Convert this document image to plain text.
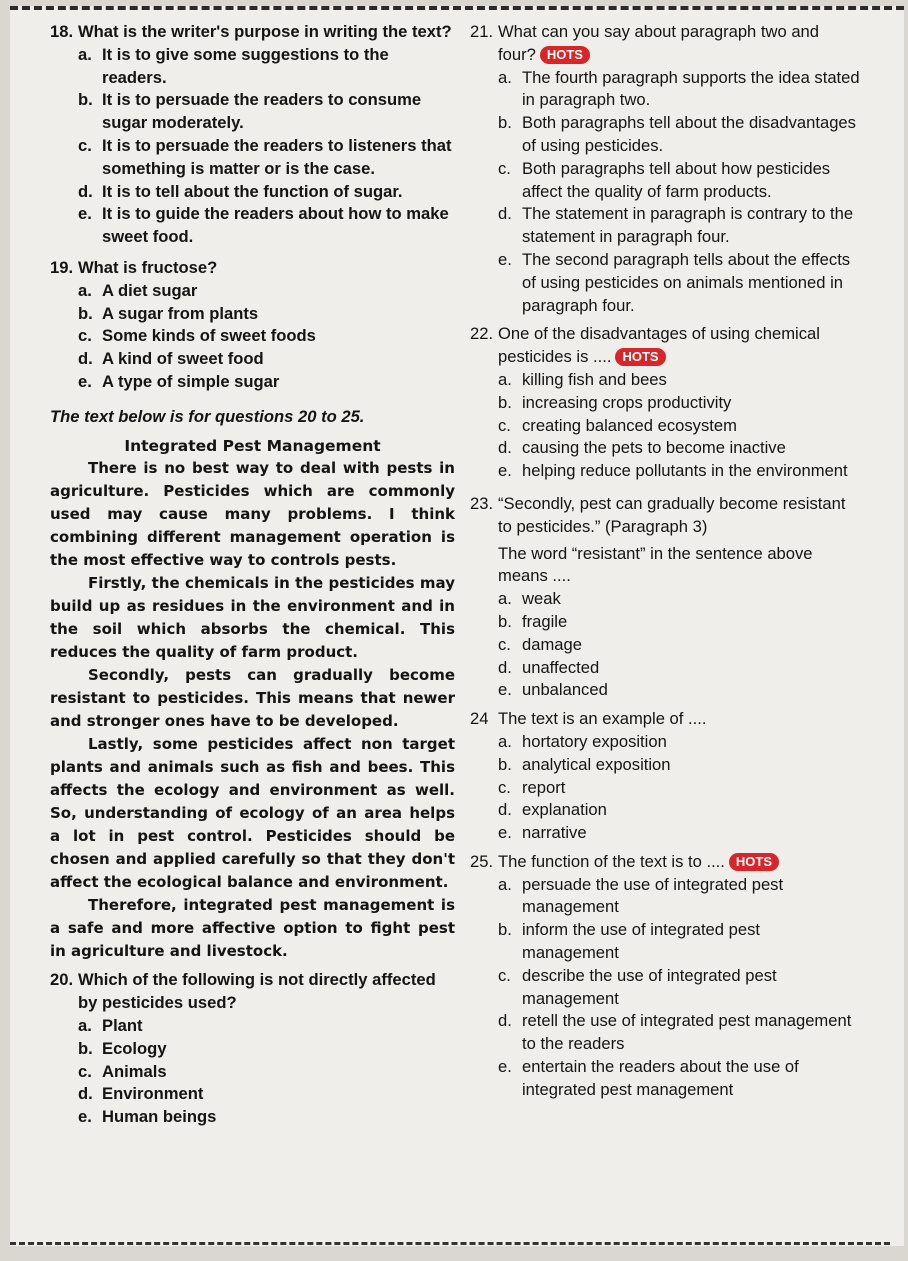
18. What is the writer's purpose in writing the text?
a. It is to give some suggestions to the readers.
b. It is to persuade the readers to consume sugar moderately.
c. It is to persuade the readers to listeners that something is matter or is the case.
d. It is to tell about the function of sugar.
e. It is to guide the readers about how to make sweet food.
19. What is fructose?
a. A diet sugar
b. A sugar from plants
c. Some kinds of sweet foods
d. A kind of sweet food
e. A type of simple sugar
The text below is for questions 20 to 25.
Integrated Pest Management
There is no best way to deal with pests in agriculture. Pesticides which are commonly used may cause many problems. I think combining different management operation is the most effective way to controls pests.
Firstly, the chemicals in the pesticides may build up as residues in the environment and in the soil which absorbs the chemical. This reduces the quality of farm product.
Secondly, pests can gradually become resistant to pesticides. This means that newer and stronger ones have to be developed.
Lastly, some pesticides affect non target plants and animals such as fish and bees. This affects the ecology and environment as well. So, understanding of ecology of an area helps a lot in pest control. Pesticides should be chosen and applied carefully so that they don't affect the ecological balance and environment.
Therefore, integrated pest management is a safe and more affective option to fight pest in agriculture and livestock.
20. Which of the following is not directly affected by pesticides used?
a. Plant
b. Ecology
c. Animals
d. Environment
e. Human beings
21. What can you say about paragraph two and four? HOTS
a. The fourth paragraph supports the idea stated in paragraph two.
b. Both paragraphs tell about the disadvantages of using pesticides.
c. Both paragraphs tell about how pesticides affect the quality of farm products.
d. The statement in paragraph is contrary to the statement in paragraph four.
e. The second paragraph tells about the effects of using pesticides on animals mentioned in paragraph four.
22. One of the disadvantages of using chemical pesticides is .... HOTS
a. killing fish and bees
b. increasing crops productivity
c. creating balanced ecosystem
d. causing the pets to become inactive
e. helping reduce pollutants in the environment
23. “Secondly, pest can gradually become resistant to pesticides.” (Paragraph 3)
The word “resistant” in the sentence above means ....
a. weak
b. fragile
c. damage
d. unaffected
e. unbalanced
24 The text is an example of ....
a. hortatory exposition
b. analytical exposition
c. report
d. explanation
e. narrative
25. The function of the text is to .... HOTS
a. persuade the use of integrated pest management
b. inform the use of integrated pest management
c. describe the use of integrated pest management
d. retell the use of integrated pest management to the readers
e. entertain the readers about the use of integrated pest management
